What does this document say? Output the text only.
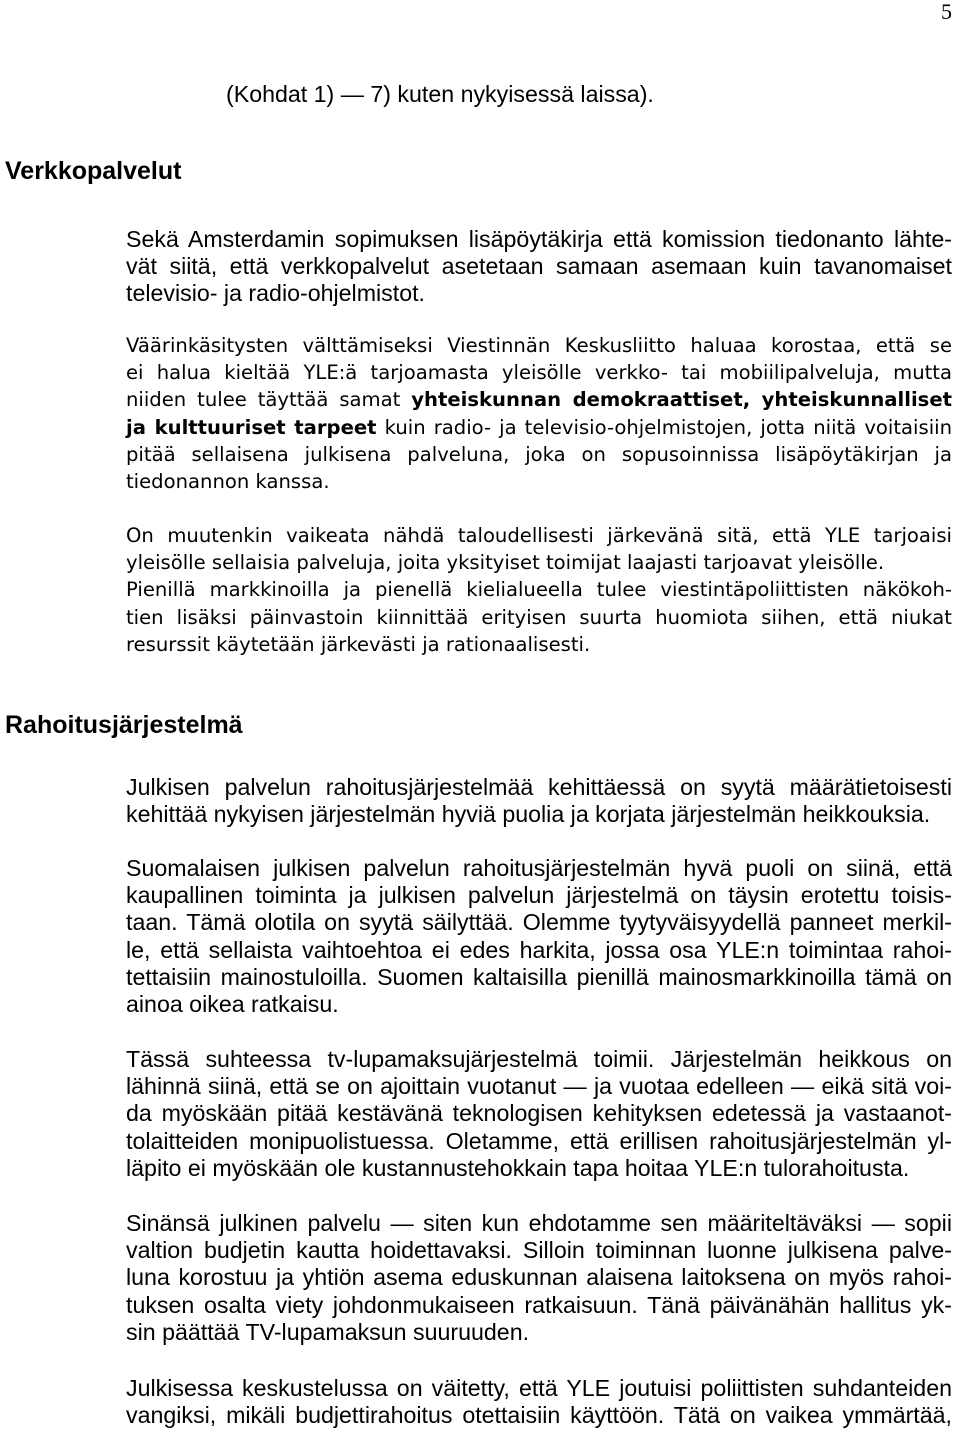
5
(Kohdat 1) — 7) kuten nykyisessä laissa).
Verkkopalvelut
Sekä Amsterdamin sopimuksen lisäpöytäkirja että komission tiedonanto lähte-
vät siitä, että verkkopalvelut asetetaan samaan asemaan kuin tavanomaiset
televisio- ja radio-ohjelmistot.
Väärinkäsitysten välttämiseksi Viestinnän Keskusliitto haluaa korostaa, että se
ei halua kieltää YLE:ä tarjoamasta yleisölle verkko- tai mobiilipalveluja, mutta
niiden tulee täyttää samat yhteiskunnan demokraattiset, yhteiskunnalliset
ja kulttuuriset tarpeet kuin radio- ja televisio-ohjelmistojen, jotta niitä voitaisiin
pitää sellaisena julkisena palveluna, joka on sopusoinnissa lisäpöytäkirjan ja
tiedonannon kanssa.
On muutenkin vaikeata nähdä taloudellisesti järkevänä sitä, että YLE tarjoaisi
yleisölle sellaisia palveluja, joita yksityiset toimijat laajasti tarjoavat yleisölle.
Pienillä markkinoilla ja pienellä kielialueella tulee viestintäpoliittisten näkökoh-
tien lisäksi päinvastoin kiinnittää erityisen suurta huomiota siihen, että niukat
resurssit käytetään järkevästi ja rationaalisesti.
Rahoitusjärjestelmä
Julkisen palvelun rahoitusjärjestelmää kehittäessä on syytä määrätietoisesti
kehittää nykyisen järjestelmän hyviä puolia ja korjata järjestelmän heikkouksia.
Suomalaisen julkisen palvelun rahoitusjärjestelmän hyvä puoli on siinä, että
kaupallinen toiminta ja julkisen palvelun järjestelmä on täysin erotettu toisis-
taan. Tämä olotila on syytä säilyttää. Olemme tyytyväisyydellä panneet merkil-
le, että sellaista vaihtoehtoa ei edes harkita, jossa osa YLE:n toimintaa rahoi-
tettaisiin mainostuloilla. Suomen kaltaisilla pienillä mainosmarkkinoilla tämä on
ainoa oikea ratkaisu.
Tässä suhteessa tv-lupamaksujärjestelmä toimii. Järjestelmän heikkous on
lähinnä siinä, että se on ajoittain vuotanut — ja vuotaa edelleen — eikä sitä voi-
da myöskään pitää kestävänä teknologisen kehityksen edetessä ja vastaanot-
tolaitteiden monipuolistuessa. Oletamme, että erillisen rahoitusjärjestelmän yl-
läpito ei myöskään ole kustannustehokkain tapa hoitaa YLE:n tulorahoitusta.
Sinänsä julkinen palvelu — siten kun ehdotamme sen määriteltäväksi — sopii
valtion budjetin kautta hoidettavaksi. Silloin toiminnan luonne julkisena palve-
luna korostuu ja yhtiön asema eduskunnan alaisena laitoksena on myös rahoi-
tuksen osalta viety johdonmukaiseen ratkaisuun. Tänä päivänähän hallitus yk-
sin päättää TV-lupamaksun suuruuden.
Julkisessa keskustelussa on väitetty, että YLE joutuisi poliittisten suhdanteiden
vangiksi, mikäli budjettirahoitus otettaisiin käyttöön. Tätä on vaikea ymmärtää,
